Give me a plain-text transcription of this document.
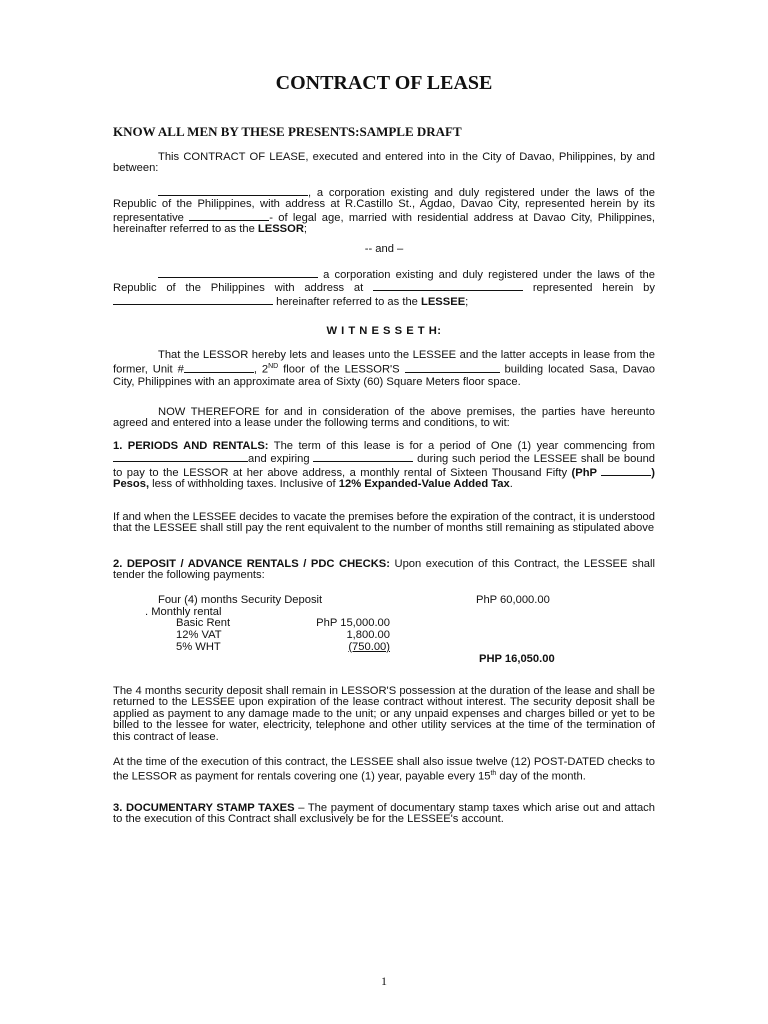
CONTRACT OF LEASE
KNOW ALL MEN BY THESE PRESENTS:SAMPLE DRAFT
This CONTRACT OF LEASE, executed and entered into in the City of Davao, Philippines, by and between:
, a corporation existing and duly registered under the laws of the Republic of the Philippines, with address at R.Castillo St., Agdao, Davao City, represented herein by its representative	- of legal age, married with residential address at Davao City, Philippines, hereinafter referred to as the LESSOR;
-- and –
a corporation existing and duly registered under the laws of the Republic of the Philippines with address at	represented herein by  hereinafter referred to as the LESSEE;
W I T N E S S E T H:
That the LESSOR hereby lets and leases unto the LESSEE and the latter accepts in lease from the former, Unit #	, 2ND floor of the LESSOR'S	building located Sasa, Davao City, Philippines with an approximate area of Sixty (60) Square Meters floor space.
NOW THEREFORE for and in consideration of the above premises, the parties have hereunto agreed and entered into a lease under the following terms and conditions, to wit:
1. PERIODS AND RENTALS: The term of this lease is for a period of One (1) year commencing from and expiring	during such period the LESSEE shall be bound to pay to the LESSOR at her above address, a monthly rental of Sixteen Thousand Fifty (PhP	) Pesos, less of withholding taxes. Inclusive of 12% Expanded-Value Added Tax.
If and when the LESSEE decides to vacate the premises before the expiration of the contract, it is understood that the LESSEE shall still pay the rent equivalent to the number of months still remaining as stipulated above
2. DEPOSIT / ADVANCE RENTALS / PDC CHECKS: Upon execution of this Contract, the LESSEE shall tender the following payments:
Four (4) months Security Deposit	PhP 60,000.00
. Monthly rental
Basic Rent	PhP 15,000.00
12% VAT	1,800.00
5% WHT	(750.00)
PHP 16,050.00
The 4 months security deposit shall remain in LESSOR'S possession at the duration of the lease and shall be returned to the LESSEE upon expiration of the lease contract without interest. The security deposit shall be applied as payment to any damage made to the unit; or any unpaid expenses and charges billed or yet to be billed to the lessee for water, electricity, telephone and other utility services at the time of the termination of this contract of lease.
At the time of the execution of this contract, the LESSEE shall also issue twelve (12) POST-DATED checks to the LESSOR as payment for rentals covering one (1) year, payable every 15th day of the month.
3. DOCUMENTARY STAMP TAXES – The payment of documentary stamp taxes which arise out and attach to the execution of this Contract shall exclusively be for the LESSEE's account.
1
